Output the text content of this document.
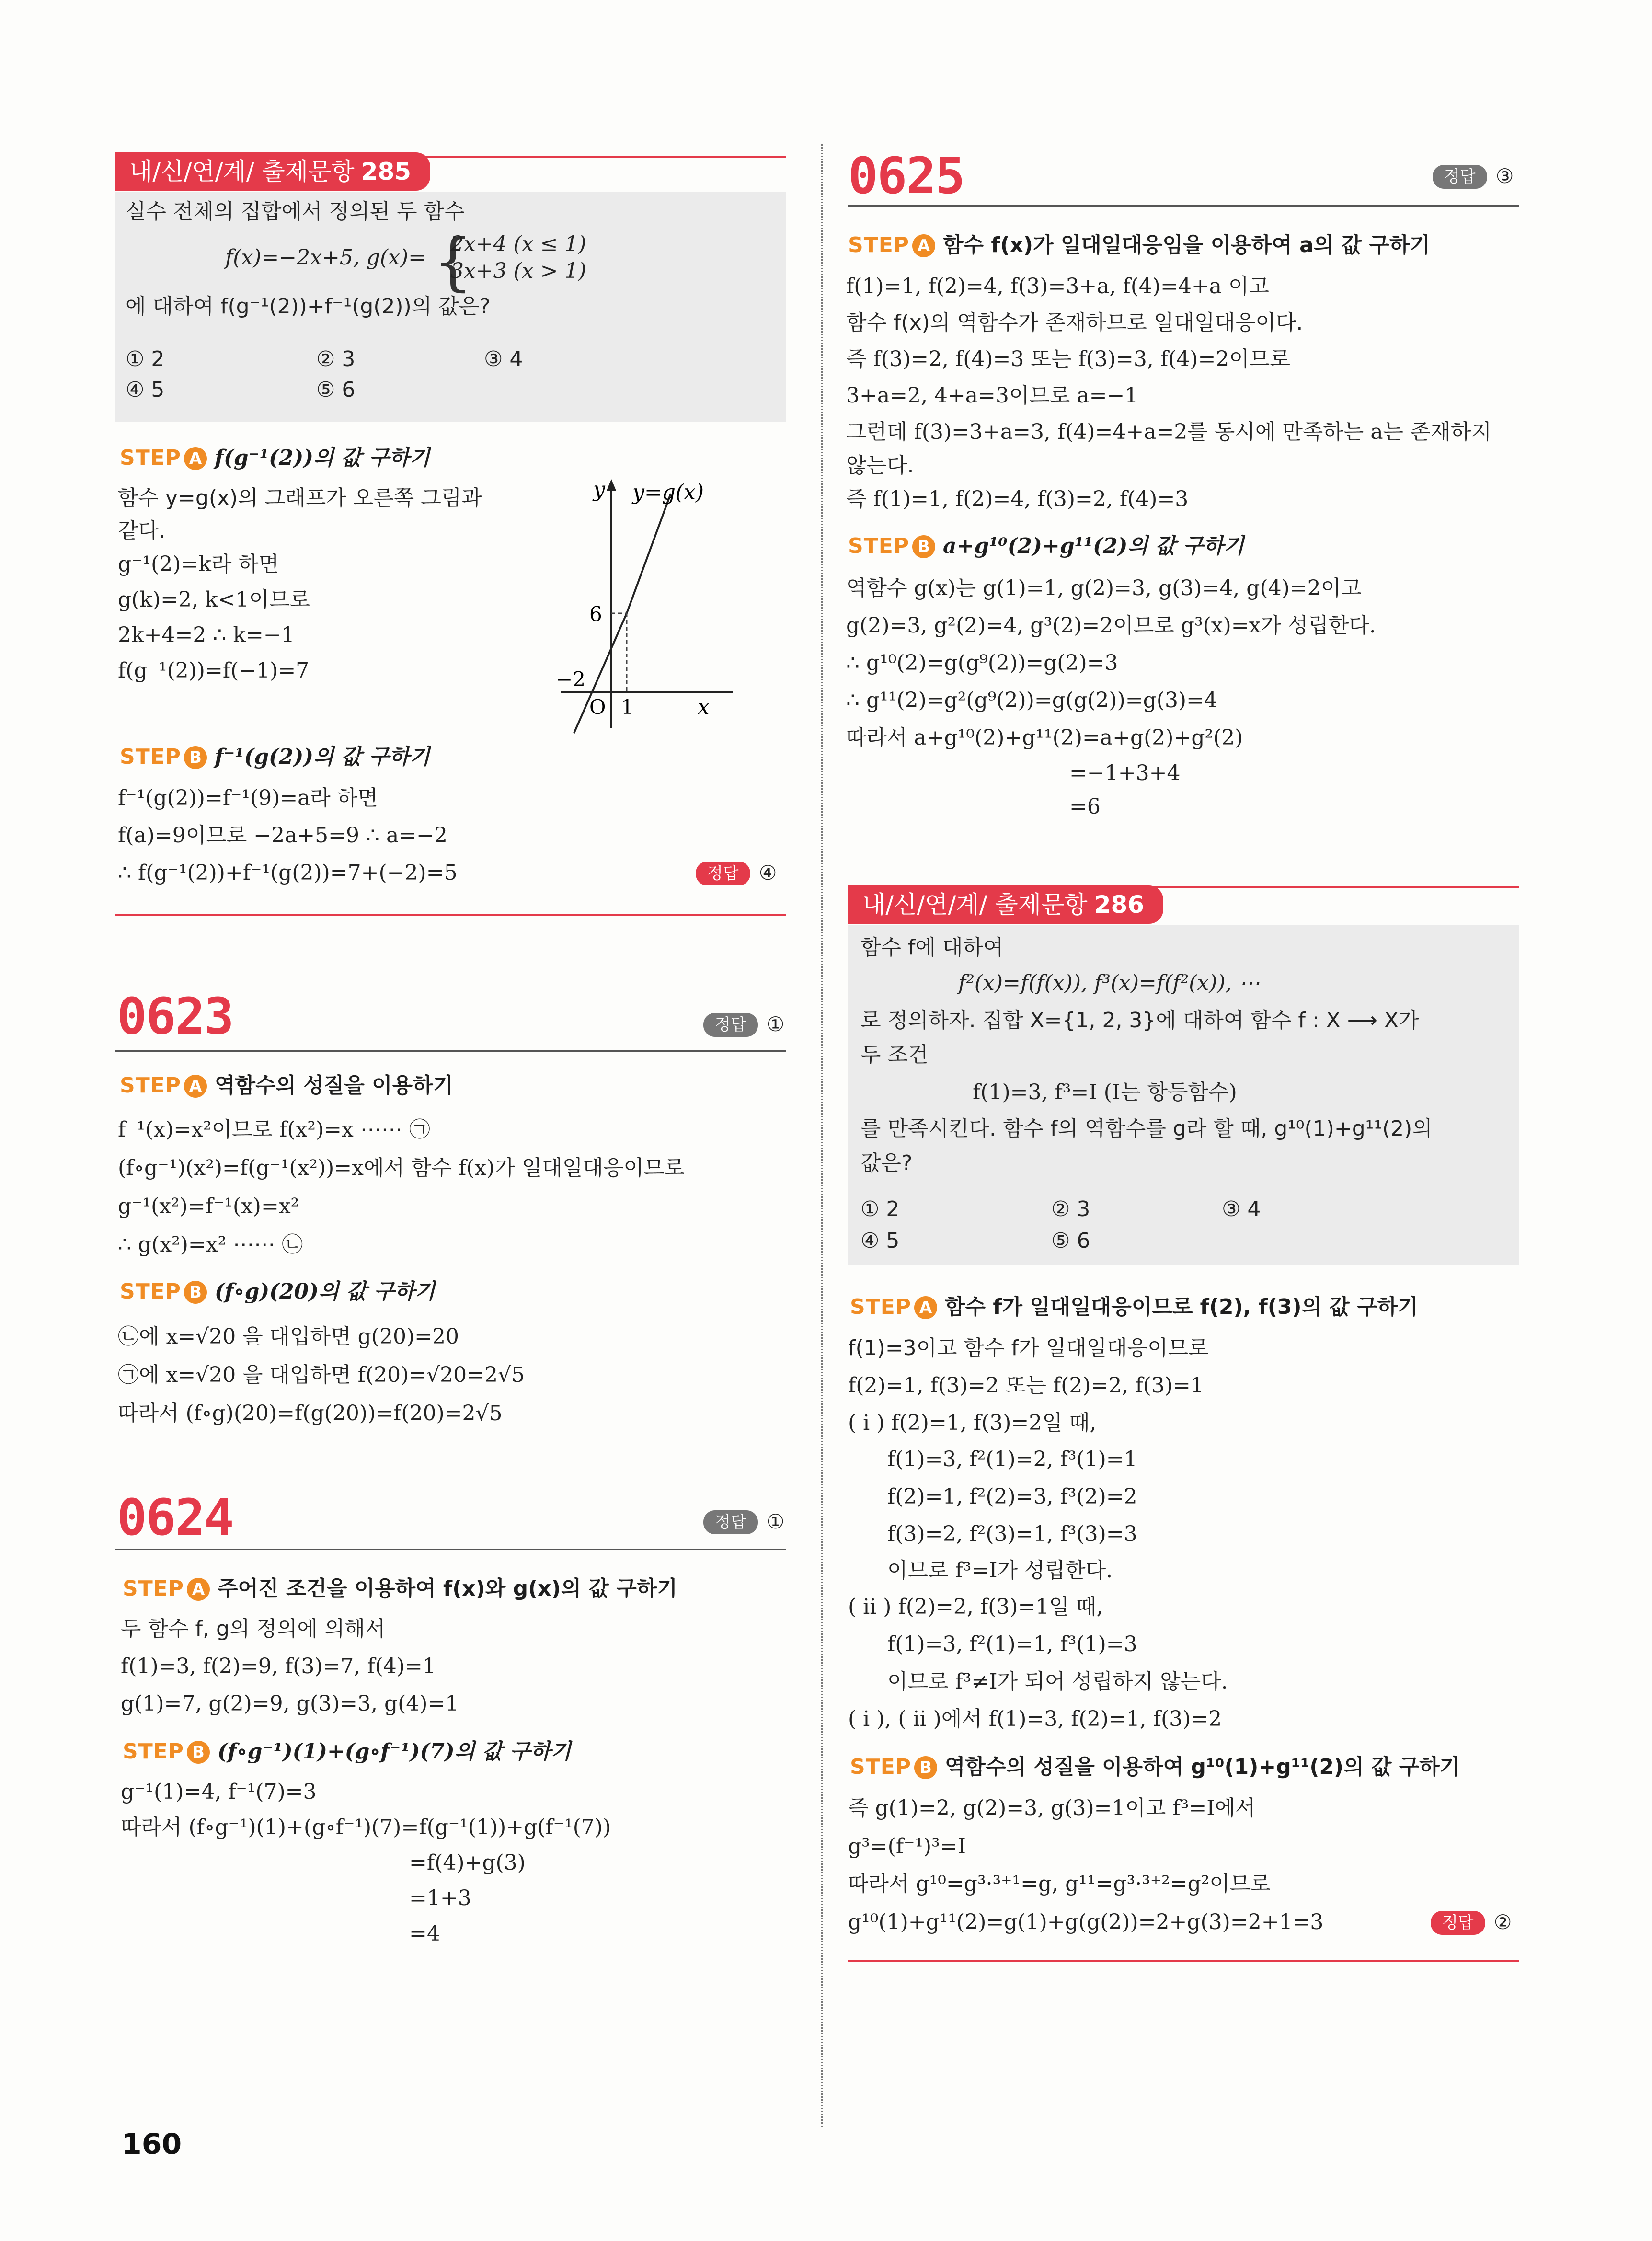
내/신/연/계/ 출제문항 285
실수 전체의 집합에서 정의된 두 함수
f(x)=−2x+5, g(x)= {
2x+4 (x ≤ 1)
3x+3 (x > 1)
에 대하여 f(g⁻¹(2))+f⁻¹(g(2))의 값은?
① 2	② 3	③ 4
④ 5	⑤ 6
STEP A f(g⁻¹(2))의 값 구하기
함수 y=g(x)의 그래프가 오른쪽 그림과
같다.
g⁻¹(2)=k라 하면
g(k)=2, k<1이므로
2k+4=2 ∴ k=−1
f(g⁻¹(2))=f(−1)=7
y y=g(x)
6
−2
O 1	x
STEP B f⁻¹(g(2))의 값 구하기
f⁻¹(g(2))=f⁻¹(9)=a라 하면
f(a)=9이므로 −2a+5=9 ∴ a=−2
∴ f(g⁻¹(2))+f⁻¹(g(2))=7+(−2)=5	정답 ④
0623	정답 ①
STEP A 역함수의 성질을 이용하기
f⁻¹(x)=x²이므로 f(x²)=x ⋯⋯ ㉠
(f∘g⁻¹)(x²)=f(g⁻¹(x²))=x에서 함수 f(x)가 일대일대응이므로
g⁻¹(x²)=f⁻¹(x)=x²
∴ g(x²)=x² ⋯⋯ ㉡
STEP B (f∘g)(20)의 값 구하기
㉡에 x=√20 을 대입하면 g(20)=20
㉠에 x=√20 을 대입하면 f(20)=√20=2√5
따라서 (f∘g)(20)=f(g(20))=f(20)=2√5
0624	정답 ①
STEP A 주어진 조건을 이용하여 f(x)와 g(x)의 값 구하기
두 함수 f, g의 정의에 의해서
f(1)=3, f(2)=9, f(3)=7, f(4)=1
g(1)=7, g(2)=9, g(3)=3, g(4)=1
STEP B (f∘g⁻¹)(1)+(g∘f⁻¹)(7)의 값 구하기
g⁻¹(1)=4, f⁻¹(7)=3
따라서 (f∘g⁻¹)(1)+(g∘f⁻¹)(7)=f(g⁻¹(1))+g(f⁻¹(7))
=f(4)+g(3)
=1+3
=4
0625	정답 ③
STEP A 함수 f(x)가 일대일대응임을 이용하여 a의 값 구하기
f(1)=1, f(2)=4, f(3)=3+a, f(4)=4+a 이고
함수 f(x)의 역함수가 존재하므로 일대일대응이다.
즉 f(3)=2, f(4)=3 또는 f(3)=3, f(4)=2이므로
3+a=2, 4+a=3이므로 a=−1
그런데 f(3)=3+a=3, f(4)=4+a=2를 동시에 만족하는 a는 존재하지
않는다.
즉 f(1)=1, f(2)=4, f(3)=2, f(4)=3
STEP B a+g¹⁰(2)+g¹¹(2)의 값 구하기
역함수 g(x)는 g(1)=1, g(2)=3, g(3)=4, g(4)=2이고
g(2)=3, g²(2)=4, g³(2)=2이므로 g³(x)=x가 성립한다.
∴ g¹⁰(2)=g(g⁹(2))=g(2)=3
∴ g¹¹(2)=g²(g⁹(2))=g(g(2))=g(3)=4
따라서 a+g¹⁰(2)+g¹¹(2)=a+g(2)+g²(2)
=−1+3+4
=6
내/신/연/계/ 출제문항 286
함수 f에 대하여
f²(x)=f(f(x)), f³(x)=f(f²(x)), ⋯
로 정의하자. 집합 X={1, 2, 3}에 대하여 함수 f : X ⟶ X가
두 조건
f(1)=3, f³=I (I는 항등함수)
를 만족시킨다. 함수 f의 역함수를 g라 할 때, g¹⁰(1)+g¹¹(2)의
값은?
① 2	② 3	③ 4
④ 5	⑤ 6
STEP A 함수 f가 일대일대응이므로 f(2), f(3)의 값 구하기
f(1)=3이고 함수 f가 일대일대응이므로
f(2)=1, f(3)=2 또는 f(2)=2, f(3)=1
( i ) f(2)=1, f(3)=2일 때,
f(1)=3, f²(1)=2, f³(1)=1
f(2)=1, f²(2)=3, f³(2)=2
f(3)=2, f²(3)=1, f³(3)=3
이므로 f³=I가 성립한다.
( ii ) f(2)=2, f(3)=1일 때,
f(1)=3, f²(1)=1, f³(1)=3
이므로 f³≠I가 되어 성립하지 않는다.
( i ), ( ii )에서 f(1)=3, f(2)=1, f(3)=2
STEP B 역함수의 성질을 이용하여 g¹⁰(1)+g¹¹(2)의 값 구하기
즉 g(1)=2, g(2)=3, g(3)=1이고 f³=I에서
g³=(f⁻¹)³=I
따라서 g¹⁰=g³·³⁺¹=g, g¹¹=g³·³⁺²=g²이므로
g¹⁰(1)+g¹¹(2)=g(1)+g(g(2))=2+g(3)=2+1=3	정답 ②
160
